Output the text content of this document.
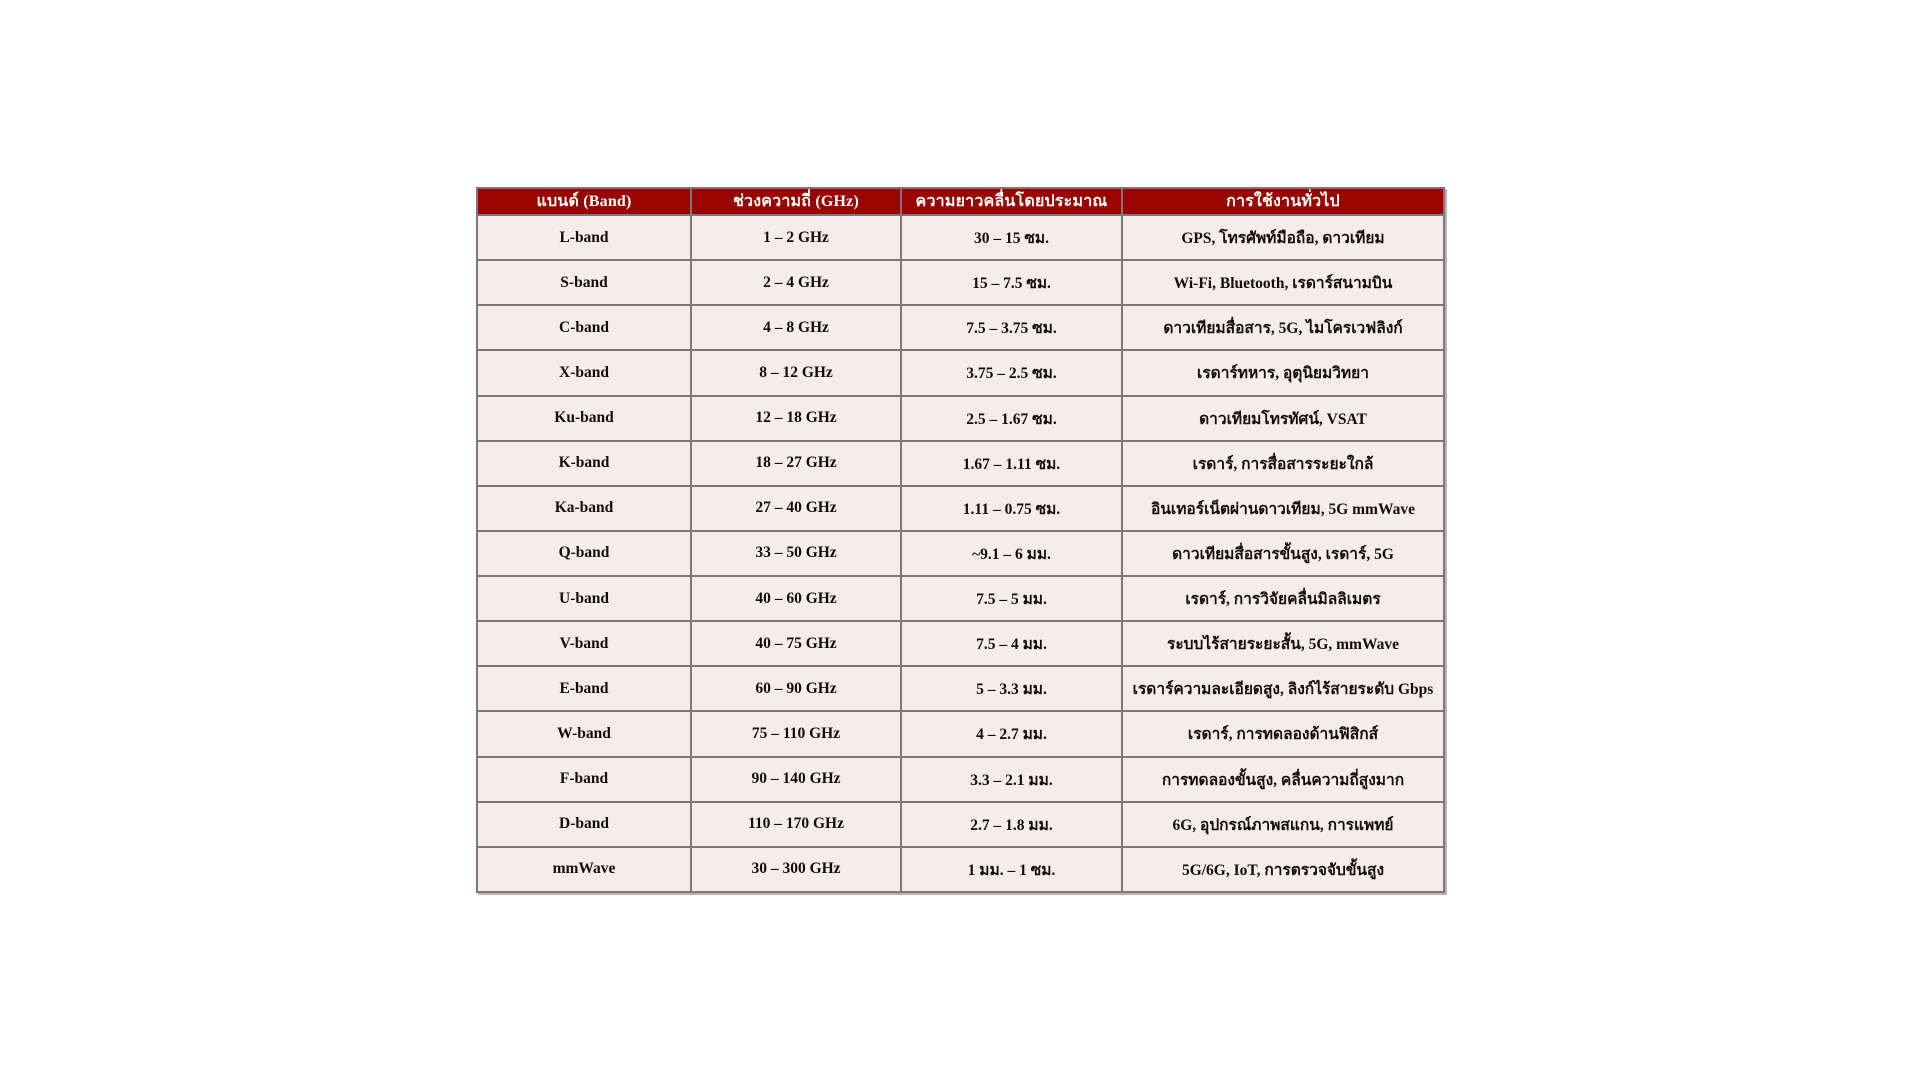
แบนด์ (Band)	ช่วงความถี่ (GHz)	ความยาวคลื่นโดยประมาณ	การใช้งานทั่วไป
L-band	1 – 2 GHz	30 – 15 ซม.	GPS, โทรศัพท์มือถือ, ดาวเทียม
S-band	2 – 4 GHz	15 – 7.5 ซม.	Wi-Fi, Bluetooth, เรดาร์สนามบิน
C-band	4 – 8 GHz	7.5 – 3.75 ซม.	ดาวเทียมสื่อสาร, 5G, ไมโครเวฟลิงก์
X-band	8 – 12 GHz	3.75 – 2.5 ซม.	เรดาร์ทหาร, อุตุนิยมวิทยา
Ku-band	12 – 18 GHz	2.5 – 1.67 ซม.	ดาวเทียมโทรทัศน์, VSAT
K-band	18 – 27 GHz	1.67 – 1.11 ซม.	เรดาร์, การสื่อสารระยะใกล้
Ka-band	27 – 40 GHz	1.11 – 0.75 ซม.	อินเทอร์เน็ตผ่านดาวเทียม, 5G mmWave
Q-band	33 – 50 GHz	~9.1 – 6 มม.	ดาวเทียมสื่อสารขั้นสูง, เรดาร์, 5G
U-band	40 – 60 GHz	7.5 – 5 มม.	เรดาร์, การวิจัยคลื่นมิลลิเมตร
V-band	40 – 75 GHz	7.5 – 4 มม.	ระบบไร้สายระยะสั้น, 5G, mmWave
E-band	60 – 90 GHz	5 – 3.3 มม.	เรดาร์ความละเอียดสูง, ลิงก์ไร้สายระดับ Gbps
W-band	75 – 110 GHz	4 – 2.7 มม.	เรดาร์, การทดลองด้านฟิสิกส์
F-band	90 – 140 GHz	3.3 – 2.1 มม.	การทดลองขั้นสูง, คลื่นความถี่สูงมาก
D-band	110 – 170 GHz	2.7 – 1.8 มม.	6G, อุปกรณ์ภาพสแกน, การแพทย์
mmWave	30 – 300 GHz	1 มม. – 1 ซม.	5G/6G, IoT, การตรวจจับขั้นสูง
